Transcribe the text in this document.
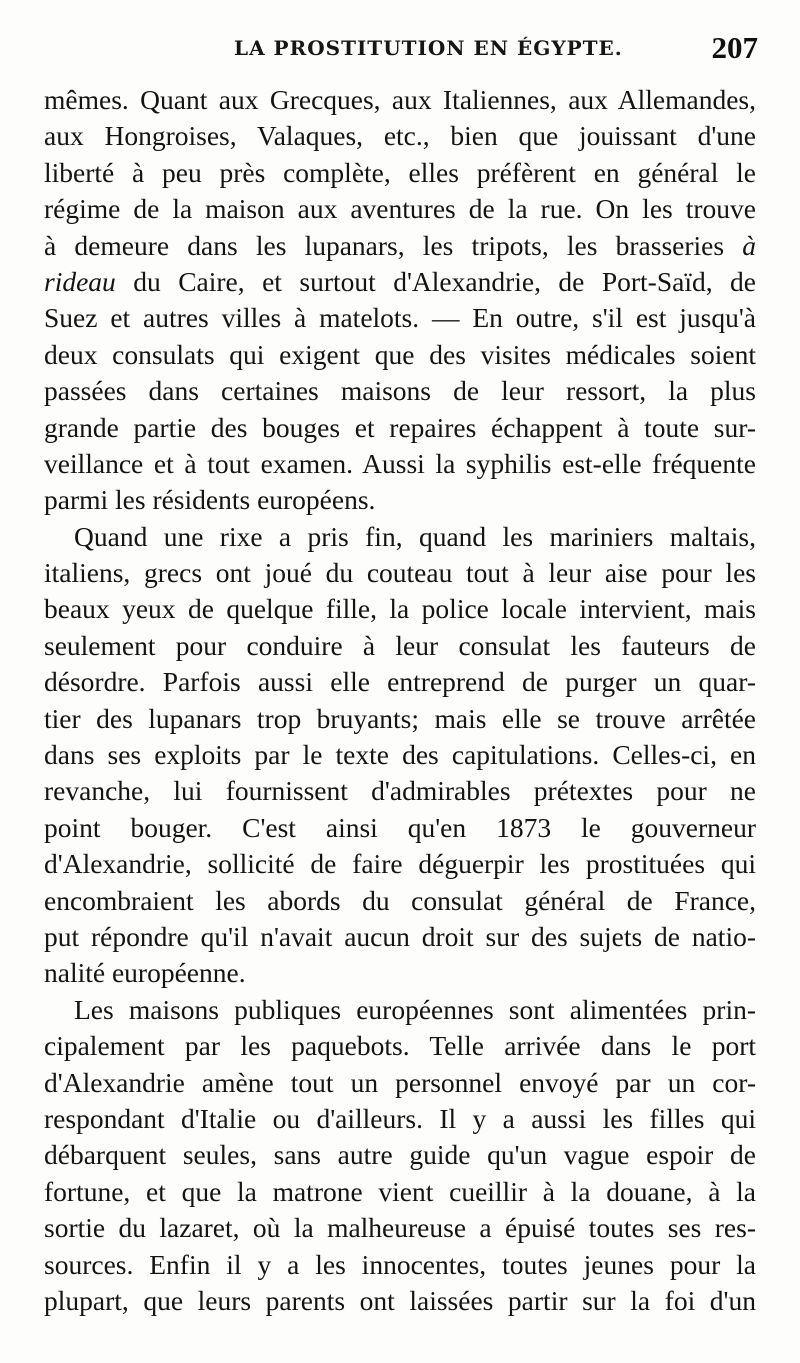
LA PROSTITUTION EN ÉGYPTE.	207
mêmes. Quant aux Grecques, aux Italiennes, aux Allemandes,
aux Hongroises, Valaques, etc., bien que jouissant d'une
liberté à peu près complète, elles préfèrent en général le
régime de la maison aux aventures de la rue. On les trouve
à demeure dans les lupanars, les tripots, les brasseries à
rideau du Caire, et surtout d'Alexandrie, de Port-Saïd, de
Suez et autres villes à matelots. — En outre, s'il est jusqu'à
deux consulats qui exigent que des visites médicales soient
passées dans certaines maisons de leur ressort, la plus
grande partie des bouges et repaires échappent à toute sur-
veillance et à tout examen. Aussi la syphilis est-elle fréquente
parmi les résidents européens.
Quand une rixe a pris fin, quand les mariniers maltais,
italiens, grecs ont joué du couteau tout à leur aise pour les
beaux yeux de quelque fille, la police locale intervient, mais
seulement pour conduire à leur consulat les fauteurs de
désordre. Parfois aussi elle entreprend de purger un quar-
tier des lupanars trop bruyants; mais elle se trouve arrêtée
dans ses exploits par le texte des capitulations. Celles-ci, en
revanche, lui fournissent d'admirables prétextes pour ne
point bouger. C'est ainsi qu'en 1873 le gouverneur
d'Alexandrie, sollicité de faire déguerpir les prostituées qui
encombraient les abords du consulat général de France,
put répondre qu'il n'avait aucun droit sur des sujets de natio-
nalité européenne.
Les maisons publiques européennes sont alimentées prin-
cipalement par les paquebots. Telle arrivée dans le port
d'Alexandrie amène tout un personnel envoyé par un cor-
respondant d'Italie ou d'ailleurs. Il y a aussi les filles qui
débarquent seules, sans autre guide qu'un vague espoir de
fortune, et que la matrone vient cueillir à la douane, à la
sortie du lazaret, où la malheureuse a épuisé toutes ses res-
sources. Enfin il y a les innocentes, toutes jeunes pour la
plupart, que leurs parents ont laissées partir sur la foi d'un
